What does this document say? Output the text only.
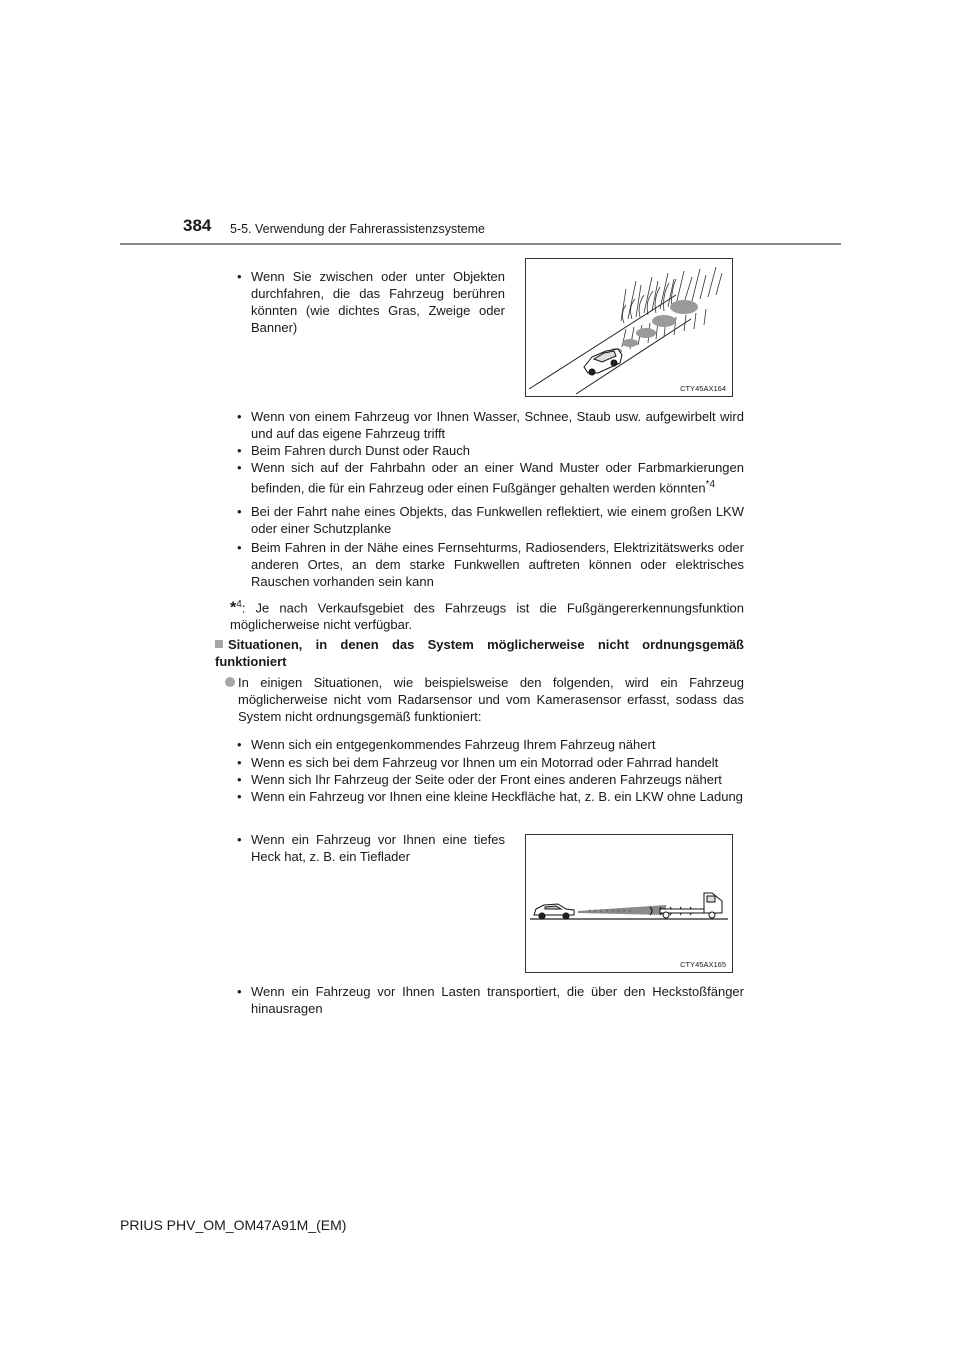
384 5-5. Verwendung der Fahrerassistenzsysteme
• Wenn Sie zwischen oder unter Objekten durchfahren, die das Fahrzeug berühren könnten (wie dichtes Gras, Zweige oder Banner)
CTY45AX164
• Wenn von einem Fahrzeug vor Ihnen Wasser, Schnee, Staub usw. aufgewirbelt wird und auf das eigene Fahrzeug trifft
• Beim Fahren durch Dunst oder Rauch
• Wenn sich auf der Fahrbahn oder an einer Wand Muster oder Farbmarkierungen befinden, die für ein Fahrzeug oder einen Fußgänger gehalten werden könnten$^{*4}$
• Bei der Fahrt nahe eines Objekts, das Funkwellen reflektiert, wie einem großen LKW oder einer Schutzplanke
• Beim Fahren in der Nähe eines Fernsehturms, Radiosenders, Elektrizitätswerks oder anderen Ortes, an dem starke Funkwellen auftreten können oder elektrisches Rauschen vorhanden sein kann
*$^4$: Je nach Verkaufsgebiet des Fahrzeugs ist die Fußgängererkennungsfunktion möglicherweise nicht verfügbar.
Situationen, in denen das System möglicherweise nicht ordnungsgemäß funktioniert
In einigen Situationen, wie beispielsweise den folgenden, wird ein Fahrzeug möglicherweise nicht vom Radarsensor und vom Kamerasensor erfasst, sodass das System nicht ordnungsgemäß funktioniert:
• Wenn sich ein entgegenkommendes Fahrzeug Ihrem Fahrzeug nähert
• Wenn es sich bei dem Fahrzeug vor Ihnen um ein Motorrad oder Fahrrad handelt
• Wenn sich Ihr Fahrzeug der Seite oder der Front eines anderen Fahrzeugs nähert
• Wenn ein Fahrzeug vor Ihnen eine kleine Heckfläche hat, z. B. ein LKW ohne Ladung
• Wenn ein Fahrzeug vor Ihnen eine tiefes Heck hat, z. B. ein Tieflader
› › › › › › › ›
CTY45AX165
• Wenn ein Fahrzeug vor Ihnen Lasten transportiert, die über den Heckstoßfänger hinausragen
PRIUS PHV_OM_OM47A91M_(EM)
